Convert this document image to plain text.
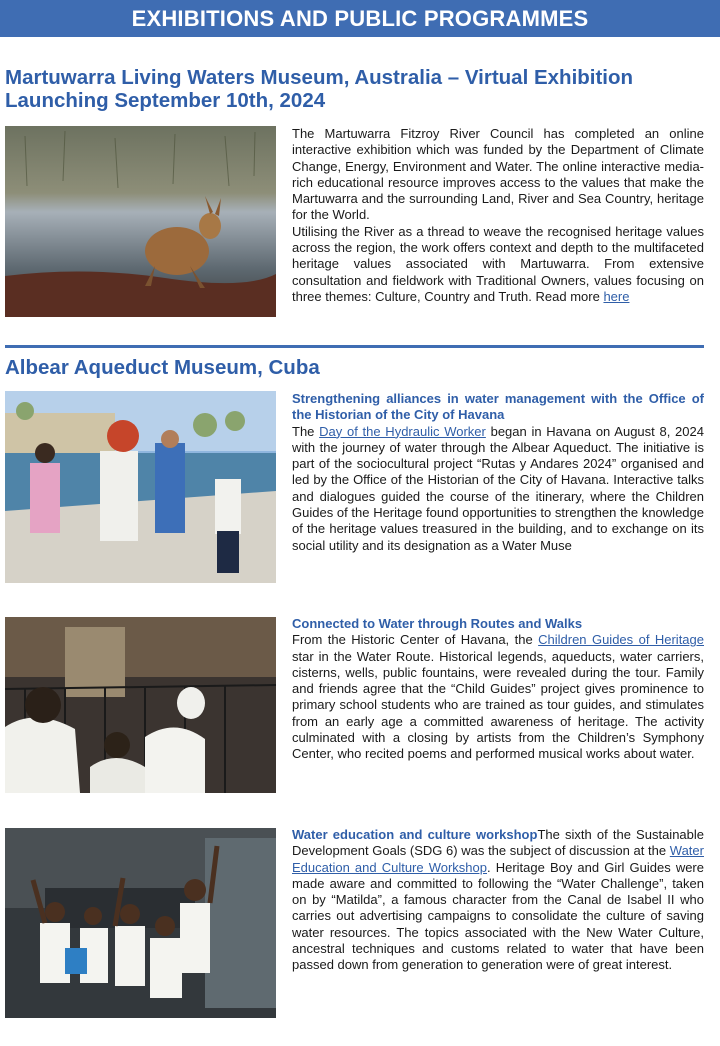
EXHIBITIONS AND PUBLIC PROGRAMMES

Martuwarra Living Waters Museum, Australia – Virtual Exhibition
Launching September 10th, 2024

The Martuwarra Fitzroy River Council has completed an online interactive exhibition which was funded by the Department of Climate Change, Energy, Environment and Water. The online interactive media-rich educational resource improves access to the values that make the Martuwarra and the surrounding Land, River and Sea Country, heritage for the World.
Utilising the River as a thread to weave the recognised heritage values across the region, the work offers context and depth to the multifaceted heritage values associated with Martuwarra. From extensive consultation and fieldwork with Traditional Owners, values focusing on three themes: Culture, Country and Truth. Read more here

Albear Aqueduct Museum, Cuba

Strengthening alliances in water management with the Office of the Historian of the City of Havana
The Day of the Hydraulic Worker began in Havana on August 8, 2024 with the journey of water through the Albear Aqueduct. The initiative is part of the sociocultural project “Rutas y Andares 2024” organised and led by the Office of the Historian of the City of Havana. Interactive talks and dialogues guided the course of the itinerary, where the Children Guides of the Heritage found opportunities to strengthen the knowledge of the heritage values treasured in the building, and to exchange on its social utility and its designation as a Water Muse

Connected to Water through Routes and Walks
From the Historic Center of Havana, the Children Guides of Heritage star in the Water Route. Historical legends, aqueducts, water carriers, cisterns, wells, public fountains, were revealed during the tour. Family and friends agree that the “Child Guides” project gives prominence to primary school students who are trained as tour guides, and stimulates from an early age a committed awareness of heritage. The activity culminated with a closing by artists from the Children’s Symphony Center, who recited poems and performed musical works about water.

Water education and culture workshopThe sixth of the Sustainable Development Goals (SDG 6) was the subject of discussion at the Water Education and Culture Workshop. Heritage Boy and Girl Guides were made aware and committed to following the “Water Challenge”, taken on by “Matilda”, a famous character from the Canal de Isabel II who carries out advertising campaigns to consolidate the culture of saving water resources. The topics associated with the New Water Culture, ancestral techniques and customs related to water that have been passed down from generation to generation were of great interest.
